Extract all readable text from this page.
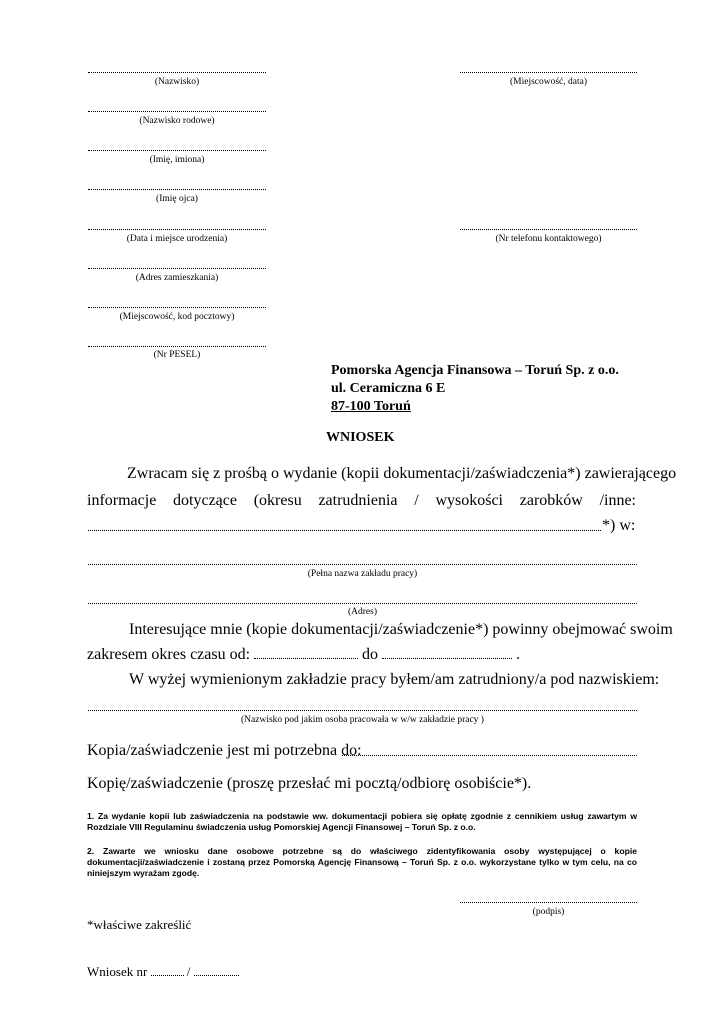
(Nazwisko)
(Nazwisko rodowe)
(Imię, imiona)
(Imię ojca)
(Data i miejsce urodzenia)
(Adres zamieszkania)
(Miejscowość, kod pocztowy)
(Nr PESEL)
(Miejscowość, data)
(Nr telefonu kontaktowego)
Pomorska Agencja Finansowa – Toruń Sp. z o.o.
ul. Ceramiczna 6 E
87-100 Toruń
WNIOSEK
Zwracam się z prośbą o wydanie (kopii dokumentacji/zaświadczenia*) zawierającego
informacje dotyczące (okresu zatrudnienia / wysokości zarobków /inne:
*) w:
(Pełna nazwa zakładu pracy)
(Adres)
Interesujące mnie (kopie dokumentacji/zaświadczenie*) powinny obejmować swoim
zakresem okres czasu od:	do	.
W wyżej wymienionym zakładzie pracy byłem/am zatrudniony/a pod nazwiskiem:
(Nazwisko pod jakim osoba pracowała w w/w zakładzie pracy )
Kopia/zaświadczenie jest mi potrzebna do:
Kopię/zaświadczenie (proszę przesłać mi pocztą/odbiorę osobiście*).
1. Za wydanie kopii lub zaświadczenia na podstawie ww. dokumentacji pobiera się opłatę zgodnie z cennikiem usług zawartym w Rozdziale VIII Regulaminu świadczenia usług Pomorskiej Agencji Finansowej – Toruń Sp. z o.o.
2. Zawarte we wniosku dane osobowe potrzebne są do właściwego zidentyfikowania osoby występującej o kopie dokumentacji/zaświadczenie i zostaną przez Pomorską Agencję Finansową – Toruń Sp. z o.o. wykorzystane tylko w tym celu, na co niniejszym wyrażam zgodę.
(podpis)
*właściwe zakreślić
Wniosek nr	/
